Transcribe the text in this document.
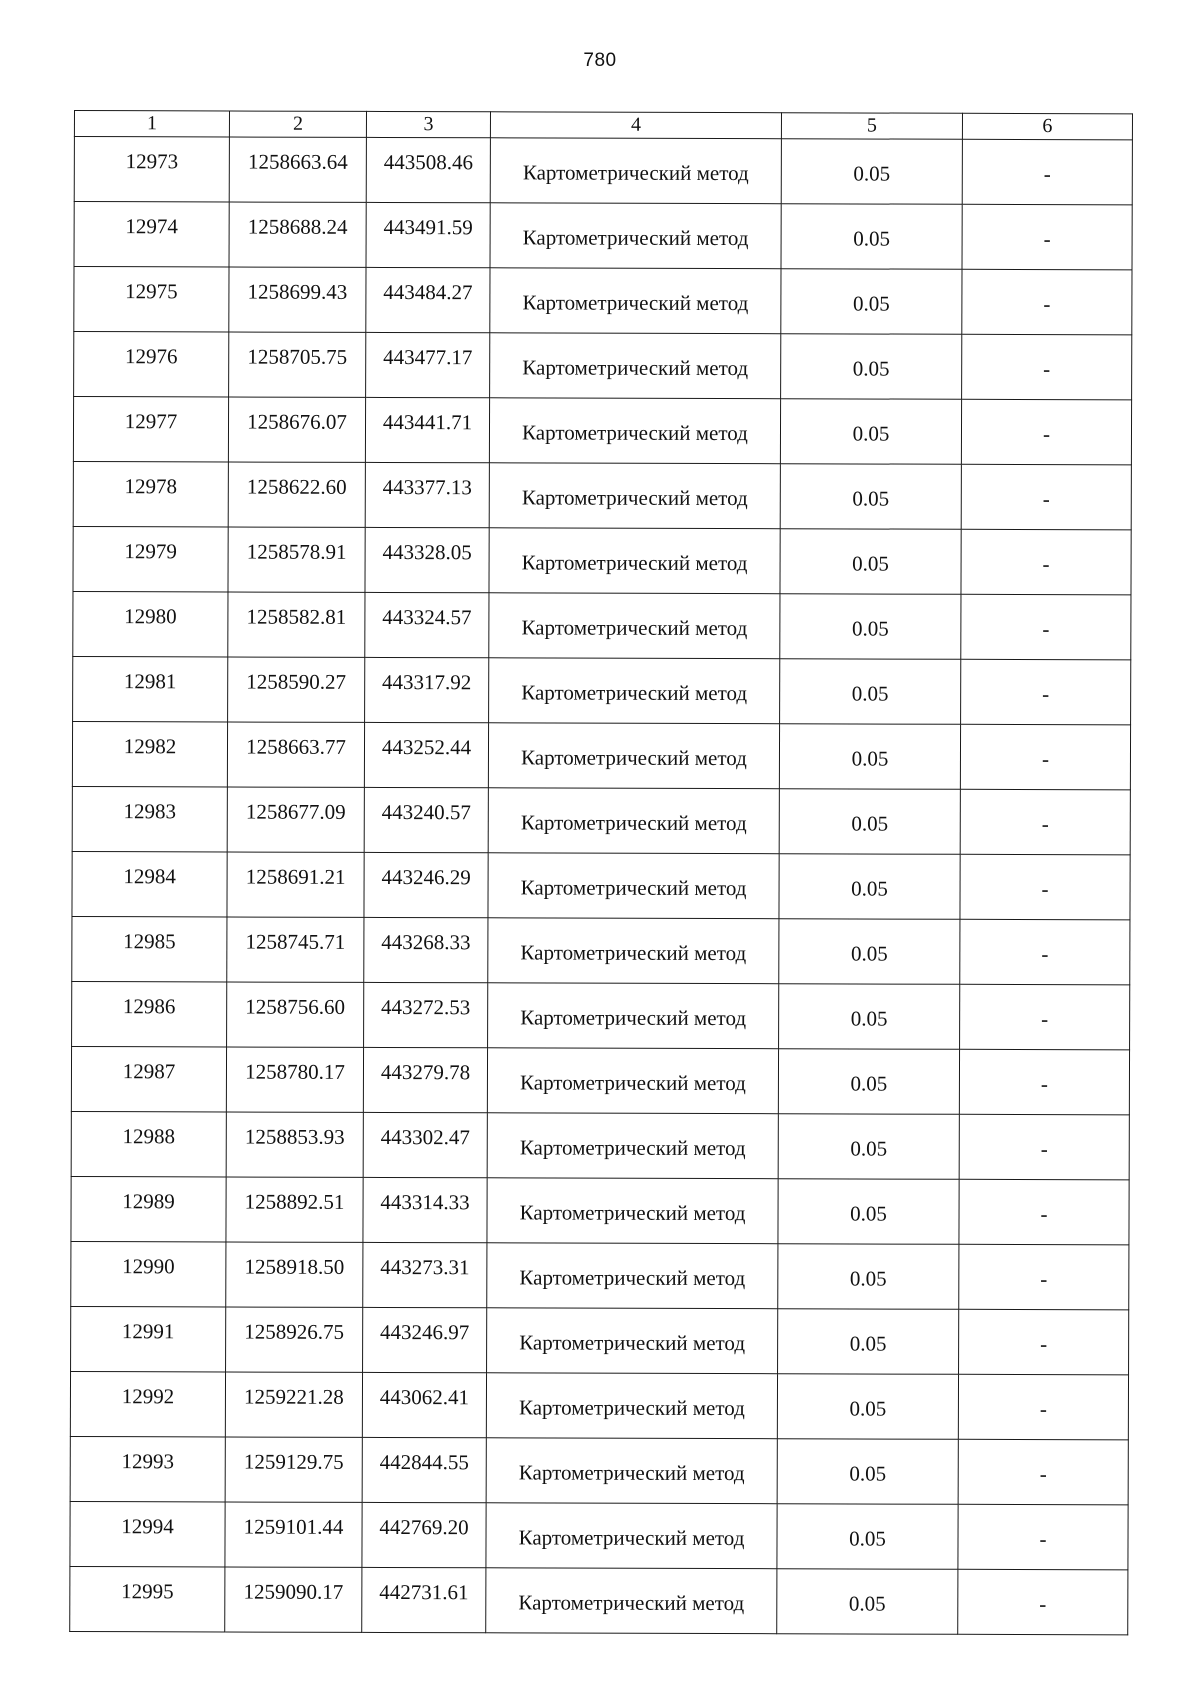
780
1	2	3	4	5	6
12973	1258663.64	443508.46	Картометрический метод	0.05	-
12974	1258688.24	443491.59	Картометрический метод	0.05	-
12975	1258699.43	443484.27	Картометрический метод	0.05	-
12976	1258705.75	443477.17	Картометрический метод	0.05	-
12977	1258676.07	443441.71	Картометрический метод	0.05	-
12978	1258622.60	443377.13	Картометрический метод	0.05	-
12979	1258578.91	443328.05	Картометрический метод	0.05	-
12980	1258582.81	443324.57	Картометрический метод	0.05	-
12981	1258590.27	443317.92	Картометрический метод	0.05	-
12982	1258663.77	443252.44	Картометрический метод	0.05	-
12983	1258677.09	443240.57	Картометрический метод	0.05	-
12984	1258691.21	443246.29	Картометрический метод	0.05	-
12985	1258745.71	443268.33	Картометрический метод	0.05	-
12986	1258756.60	443272.53	Картометрический метод	0.05	-
12987	1258780.17	443279.78	Картометрический метод	0.05	-
12988	1258853.93	443302.47	Картометрический метод	0.05	-
12989	1258892.51	443314.33	Картометрический метод	0.05	-
12990	1258918.50	443273.31	Картометрический метод	0.05	-
12991	1258926.75	443246.97	Картометрический метод	0.05	-
12992	1259221.28	443062.41	Картометрический метод	0.05	-
12993	1259129.75	442844.55	Картометрический метод	0.05	-
12994	1259101.44	442769.20	Картометрический метод	0.05	-
12995	1259090.17	442731.61	Картометрический метод	0.05	-
